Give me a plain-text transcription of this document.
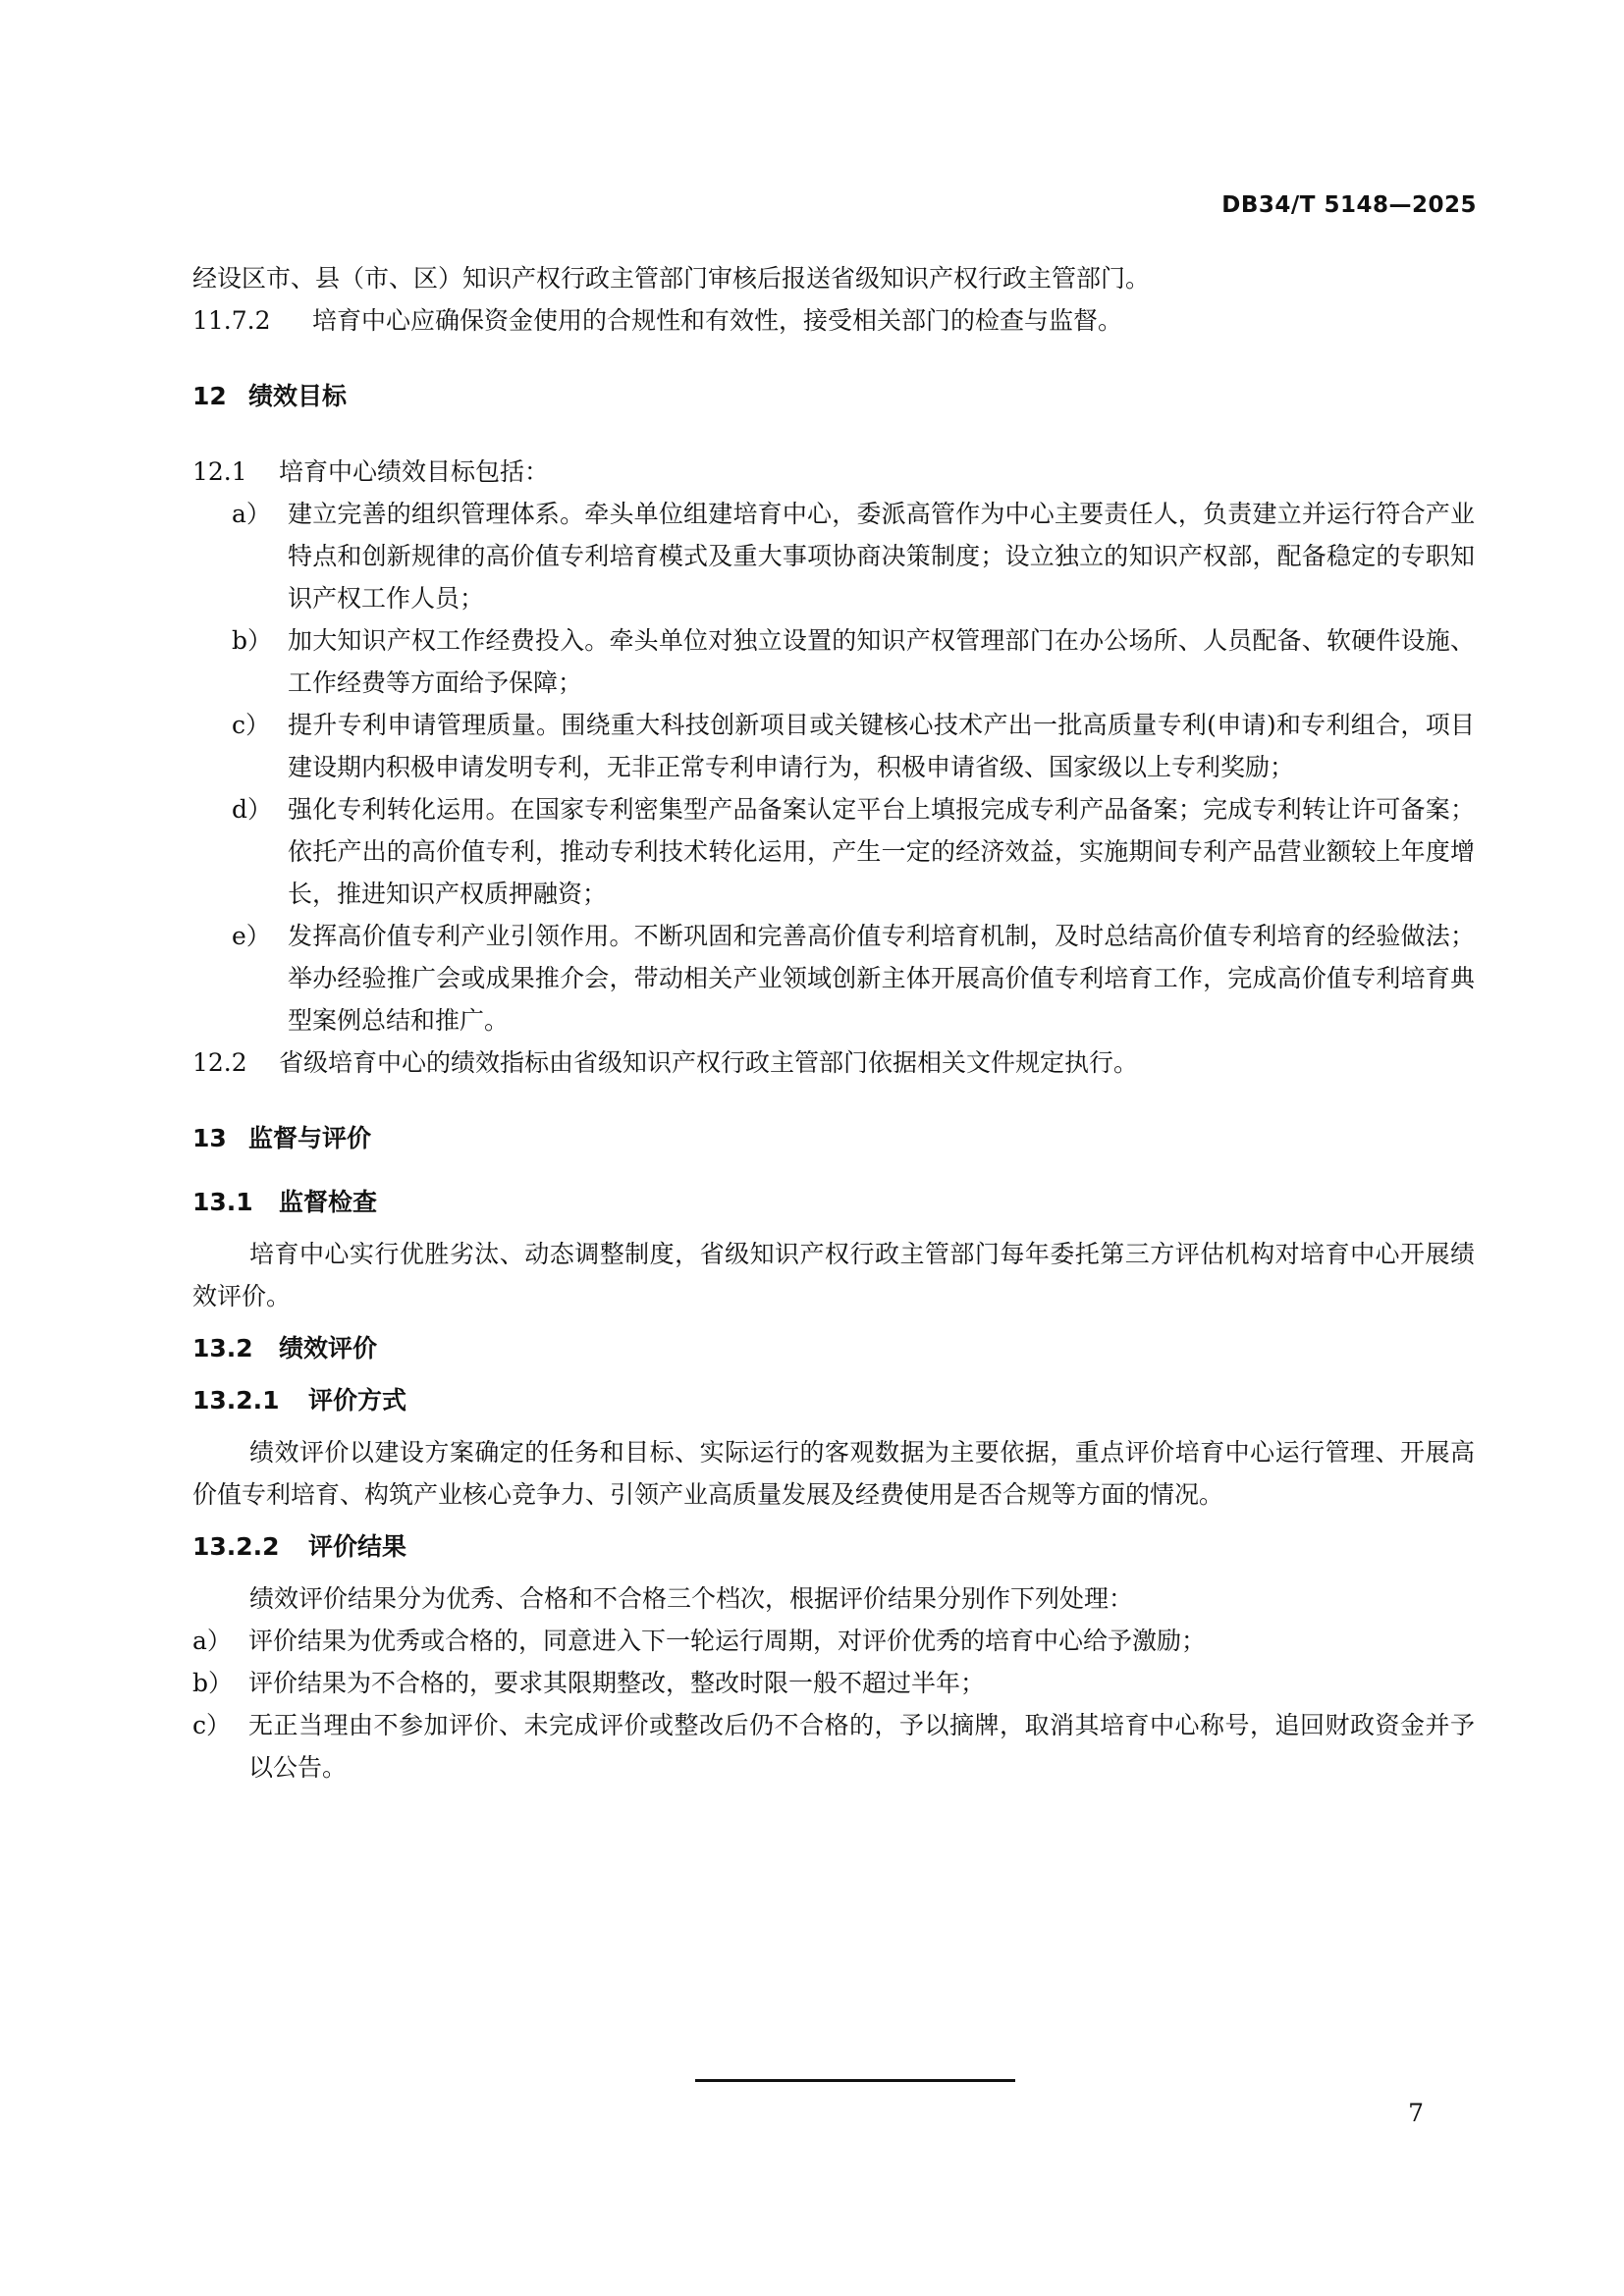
DB34/T 5148—2025

经设区市、县（市、区）知识产权行政主管部门审核后报送省级知识产权行政主管部门。

11.7.2	培育中心应确保资金使用的合规性和有效性，接受相关部门的检查与监督。
12 绩效目标
12.1	培育中心绩效目标包括：
a） 建立完善的组织管理体系。牵头单位组建培育中心，委派高管作为中心主要责任人，负责建立并运行符合产业特点和创新规律的高价值专利培育模式及重大事项协商决策制度；设立独立的知识产权部，配备稳定的专职知识产权工作人员；
b） 加大知识产权工作经费投入。牵头单位对独立设置的知识产权管理部门在办公场所、人员配备、软硬件设施、工作经费等方面给予保障；
c） 提升专利申请管理质量。围绕重大科技创新项目或关键核心技术产出一批高质量专利(申请)和专利组合，项目建设期内积极申请发明专利，无非正常专利申请行为，积极申请省级、国家级以上专利奖励；
d） 强化专利转化运用。在国家专利密集型产品备案认定平台上填报完成专利产品备案；完成专利转让许可备案；依托产出的高价值专利，推动专利技术转化运用，产生一定的经济效益，实施期间专利产品营业额较上年度增长，推进知识产权质押融资；
e） 发挥高价值专利产业引领作用。不断巩固和完善高价值专利培育机制，及时总结高价值专利培育的经验做法；举办经验推广会或成果推介会，带动相关产业领域创新主体开展高价值专利培育工作，完成高价值专利培育典型案例总结和推广。
12.2	省级培育中心的绩效指标由省级知识产权行政主管部门依据相关文件规定执行。
13 监督与评价
13.1	监督检查

培育中心实行优胜劣汰、动态调整制度，省级知识产权行政主管部门每年委托第三方评估机构对培育中心开展绩效评价。

13.2	绩效评价
13.2.1	评价方式

绩效评价以建设方案确定的任务和目标、实际运行的客观数据为主要依据，重点评价培育中心运行管理、开展高价值专利培育、构筑产业核心竞争力、引领产业高质量发展及经费使用是否合规等方面的情况。

13.2.2	评价结果

绩效评价结果分为优秀、合格和不合格三个档次，根据评价结果分别作下列处理：

a） 评价结果为优秀或合格的，同意进入下一轮运行周期，对评价优秀的培育中心给予激励；
b） 评价结果为不合格的，要求其限期整改，整改时限一般不超过半年；
c） 无正当理由不参加评价、未完成评价或整改后仍不合格的，予以摘牌，取消其培育中心称号，追回财政资金并予以公告。
7
